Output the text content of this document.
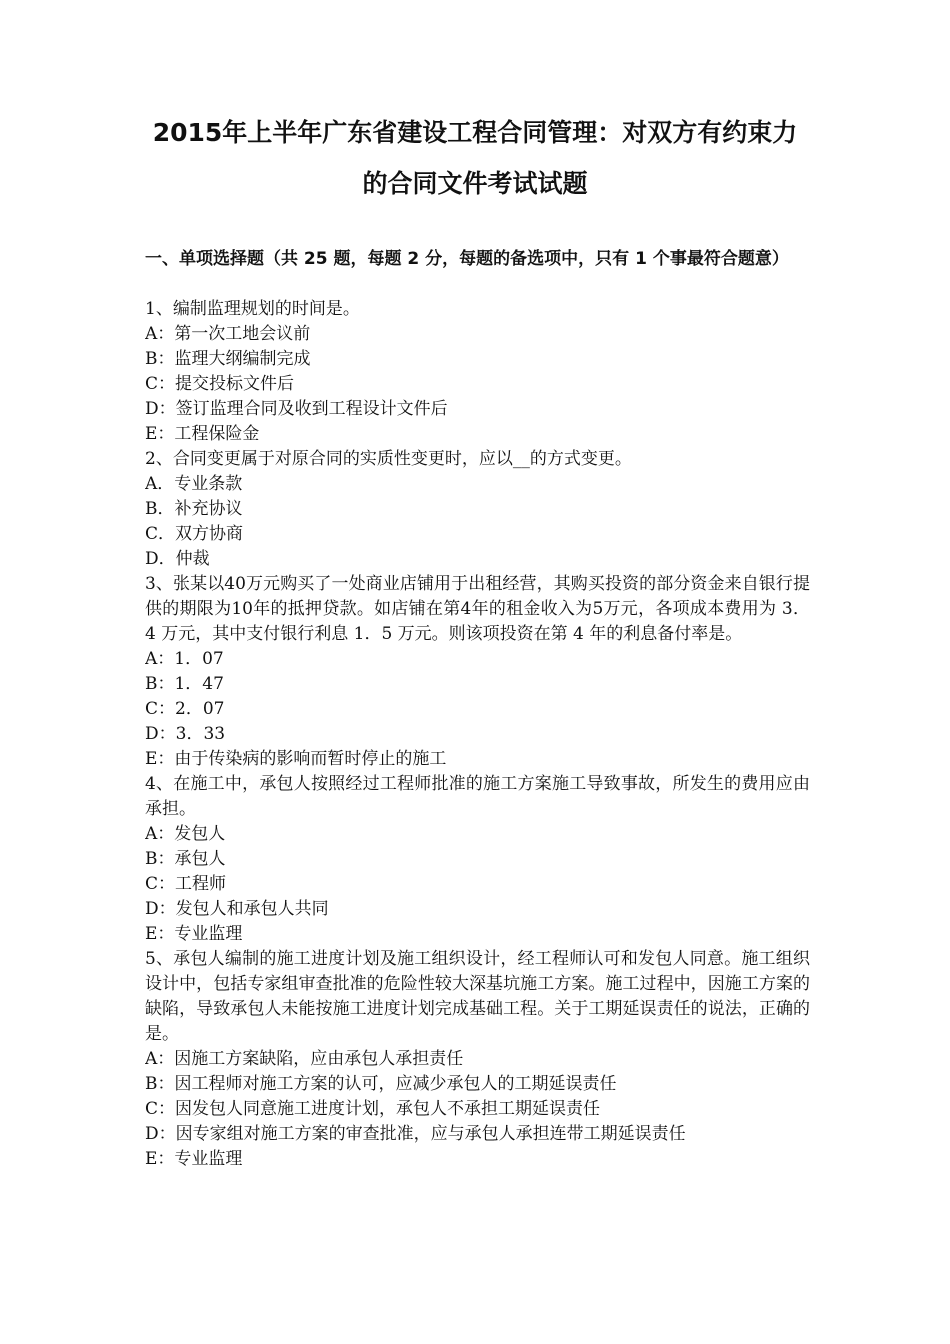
2015年上半年广东省建设工程合同管理：对双方有约束力
的合同文件考试试题
一、单项选择题（共 25 题，每题 2 分，每题的备选项中，只有 1 个事最符合题意）
1、编制监理规划的时间是。
A：第一次工地会议前
B：监理大纲编制完成
C：提交投标文件后
D：签订监理合同及收到工程设计文件后
E：工程保险金
2、合同变更属于对原合同的实质性变更时，应以__的方式变更。
A．专业条款
B．补充协议
C．双方协商
D．仲裁
3、张某以40万元购买了一处商业店铺用于出租经营，其购买投资的部分资金来自银行提供的期限为10年的抵押贷款。如店铺在第4年的租金收入为5万元，各项成本费用为 3．4 万元，其中支付银行利息 1．5 万元。则该项投资在第 4 年的利息备付率是。
A：1．07
B：1．47
C：2．07
D：3．33
E：由于传染病的影响而暂时停止的施工
4、在施工中，承包人按照经过工程师批准的施工方案施工导致事故，所发生的费用应由承担。
A：发包人
B：承包人
C：工程师
D：发包人和承包人共同
E：专业监理
5、承包人编制的施工进度计划及施工组织设计，经工程师认可和发包人同意。施工组织设计中，包括专家组审查批准的危险性较大深基坑施工方案。施工过程中，因施工方案的缺陷，导致承包人未能按施工进度计划完成基础工程。关于工期延误责任的说法，正确的是。
A：因施工方案缺陷，应由承包人承担责任
B：因工程师对施工方案的认可，应减少承包人的工期延误责任
C：因发包人同意施工进度计划，承包人不承担工期延误责任
D：因专家组对施工方案的审查批准，应与承包人承担连带工期延误责任
E：专业监理
